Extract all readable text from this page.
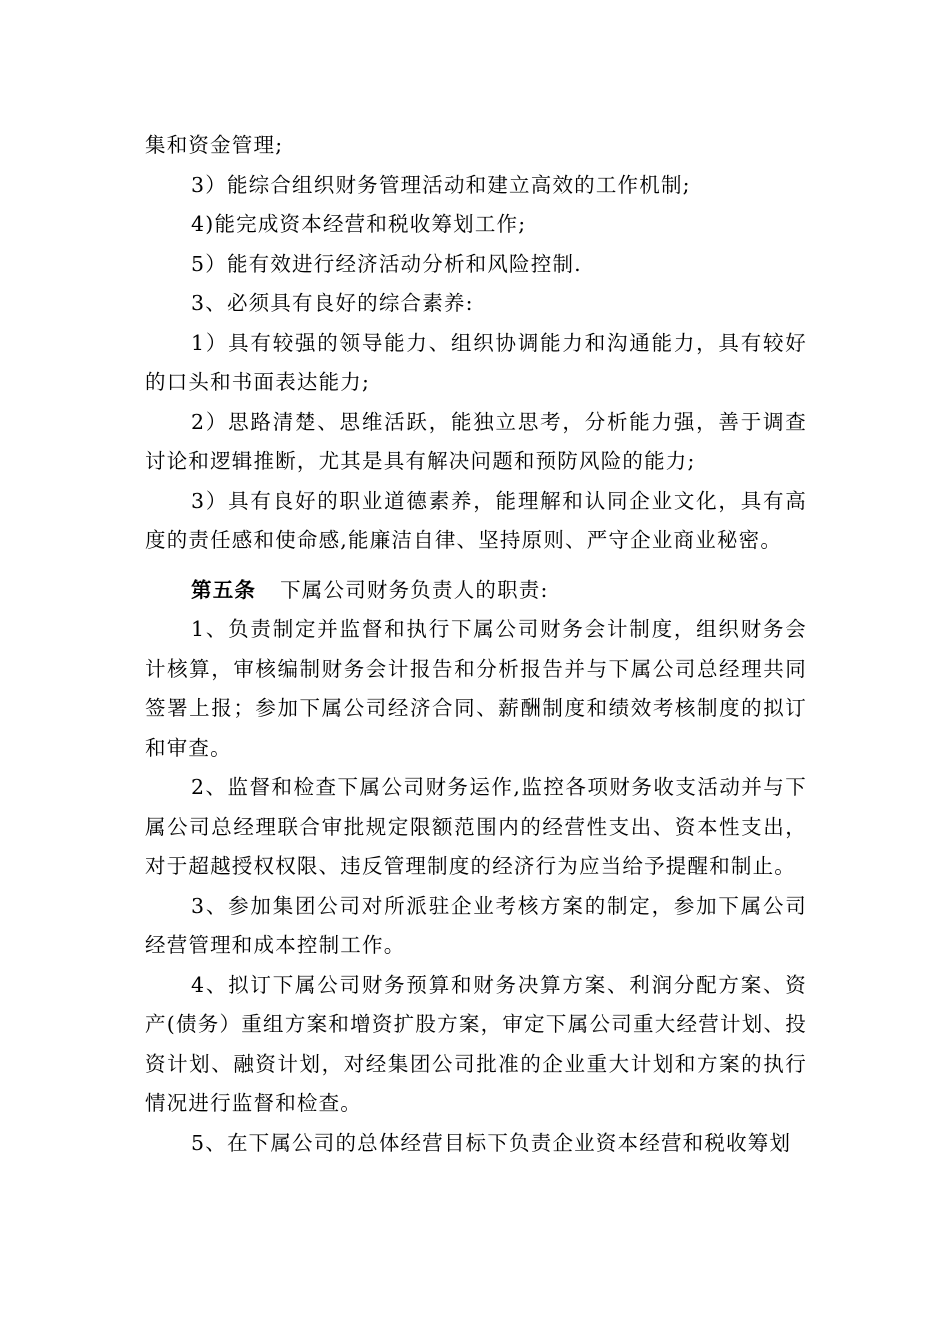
集和资金管理;

3）能综合组织财务管理活动和建立高效的工作机制;

4)能完成资本经营和税收筹划工作;

5）能有效进行经济活动分析和风险控制.

3、必须具有良好的综合素养:

1）具有较强的领导能力、组织协调能力和沟通能力，具有较好的口头和书面表达能力;

2）思路清楚、思维活跃，能独立思考，分析能力强，善于调查讨论和逻辑推断，尤其是具有解决问题和预防风险的能力;

3）具有良好的职业道德素养，能理解和认同企业文化，具有高度的责任感和使命感,能廉洁自律、坚持原则、严守企业商业秘密。

第五条 下属公司财务负责人的职责:

1、负责制定并监督和执行下属公司财务会计制度，组织财务会计核算，审核编制财务会计报告和分析报告并与下属公司总经理共同签署上报；参加下属公司经济合同、薪酬制度和绩效考核制度的拟订和审查。

2、监督和检查下属公司财务运作,监控各项财务收支活动并与下属公司总经理联合审批规定限额范围内的经营性支出、资本性支出，对于超越授权权限、违反管理制度的经济行为应当给予提醒和制止。

3、参加集团公司对所派驻企业考核方案的制定，参加下属公司经营管理和成本控制工作。

4、拟订下属公司财务预算和财务决算方案、利润分配方案、资产(债务）重组方案和增资扩股方案，审定下属公司重大经营计划、投资计划、融资计划，对经集团公司批准的企业重大计划和方案的执行情况进行监督和检查。

5、在下属公司的总体经营目标下负责企业资本经营和税收筹划
